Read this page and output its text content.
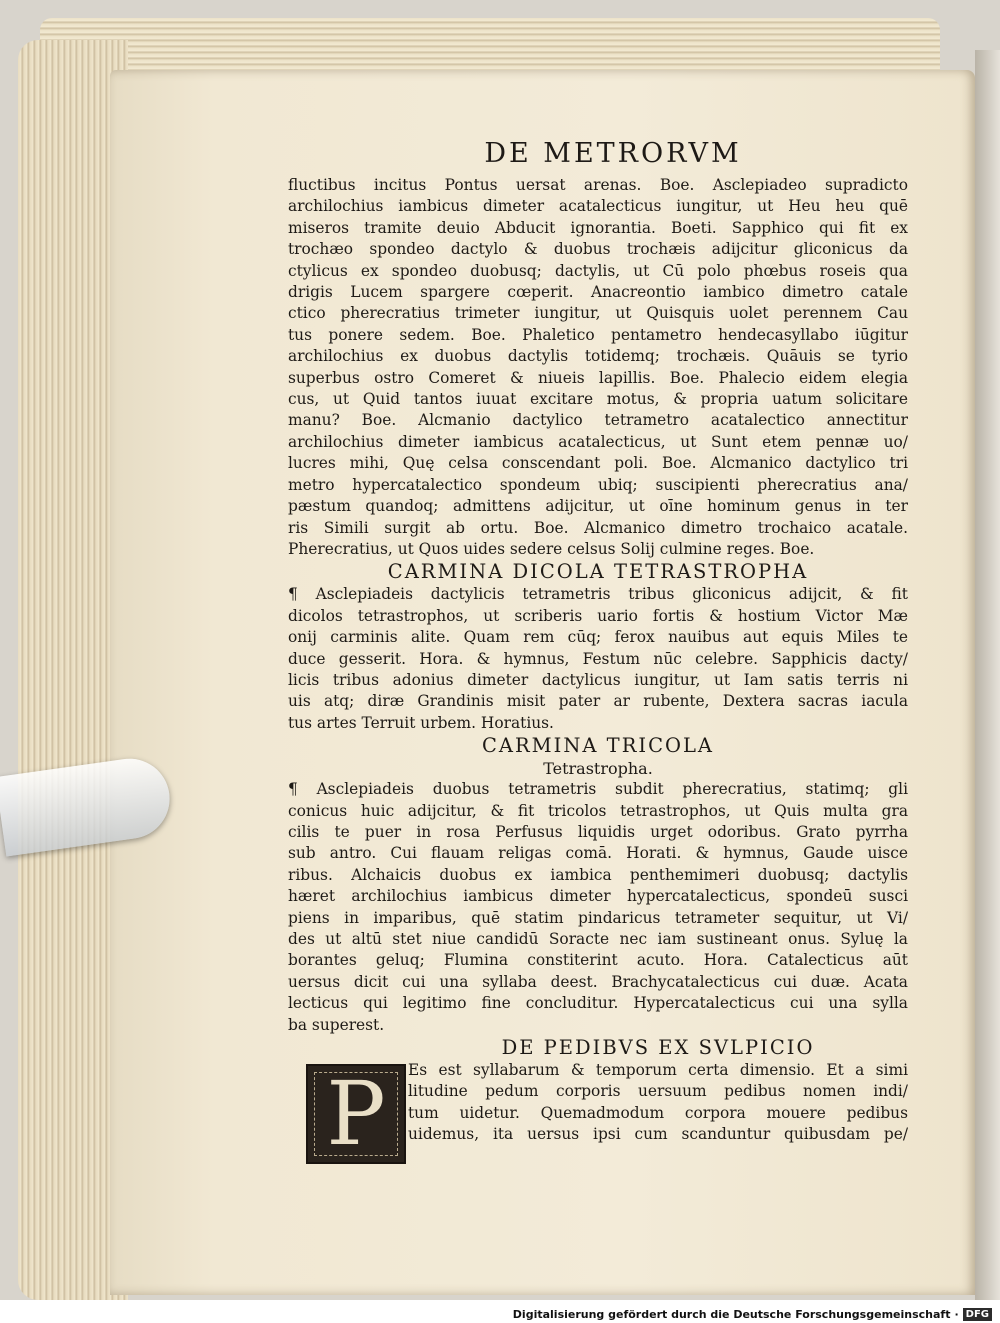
DE METRORVM
fluctibus incitus Pontus uersat arenas. Boe. Asclepiadeo supradicto
archilochius iambicus dimeter acatalecticus iungitur, ut Heu heu quē
miseros tramite deuio Abducit ignorantia. Boeti. Sapphico qui fit ex
trochæo spondeo dactylo & duobus trochæis adijcitur gliconicus da
ctylicus ex spondeo duobusq; dactylis, ut Cū polo phœbus roseis qua
drigis Lucem spargere cœperit. Anacreontio iambico dimetro catale
ctico pherecratius trimeter iungitur, ut Quisquis uolet perennem Cau
tus ponere sedem. Boe. Phaletico pentametro hendecasyllabo iūgitur
archilochius ex duobus dactylis totidemq; trochæis. Quāuis se tyrio
superbus ostro Comeret & niueis lapillis. Boe. Phalecio eidem elegia
cus, ut Quid tantos iuuat excitare motus, & propria uatum solicitare
manu? Boe. Alcmanio dactylico tetrametro acatalectico annectitur
archilochius dimeter iambicus acatalecticus, ut Sunt etem pennæ uo/
lucres mihi, Quę celsa conscendant poli. Boe. Alcmanico dactylico tri
metro hypercatalectico spondeum ubiq; suscipienti pherecratius ana/
pæstum quandoq; admittens adijcitur, ut oīne hominum genus in ter
ris Simili surgit ab ortu. Boe. Alcmanico dimetro trochaico acatale.
Pherecratius, ut Quos uides sedere celsus Solij culmine reges. Boe.
CARMINA DICOLA TETRASTROPHA
¶ Asclepiadeis dactylicis tetrametris tribus gliconicus adijcit, & fit
dicolos tetrastrophos, ut scriberis uario fortis & hostium Victor Mæ
onij carminis alite. Quam rem cūq; ferox nauibus aut equis Miles te
duce gesserit. Hora. & hymnus, Festum nūc celebre. Sapphicis dacty/
licis tribus adonius dimeter dactylicus iungitur, ut Iam satis terris ni
uis atq; diræ Grandinis misit pater ar rubente, Dextera sacras iacula
tus artes Terruit urbem. Horatius.
CARMINA TRICOLA
Tetrastropha.
¶ Asclepiadeis duobus tetrametris subdit pherecratius, statimq; gli
conicus huic adijcitur, & fit tricolos tetrastrophos, ut Quis multa gra
cilis te puer in rosa Perfusus liquidis urget odoribus. Grato pyrrha
sub antro. Cui flauam religas comā. Horati. & hymnus, Gaude uisce
ribus. Alchaicis duobus ex iambica penthemimeri duobusq; dactylis
hæret archilochius iambicus dimeter hypercatalecticus, spondeū susci
piens in imparibus, quē statim pindaricus tetrameter sequitur, ut Vi/
des ut altū stet niue candidū Soracte nec iam sustineant onus. Syluę la
borantes geluq; Flumina constiterint acuto. Hora. Catalecticus aūt
uersus dicit cui una syllaba deest. Brachycatalecticus cui duæ. Acata
lecticus qui legitimo fine concluditur. Hypercatalecticus cui una sylla
ba superest.
P
DE PEDIBVS EX SVLPICIO
Es est syllabarum & temporum certa dimensio. Et a simi
litudine pedum corporis uersuum pedibus nomen indi/
tum uidetur. Quemadmodum corpora mouere pedibus
uidemus, ita uersus ipsi cum scanduntur quibusdam pe/
Digitalisierung gefördert durch die Deutsche Forschungsgemeinschaft · DFG
